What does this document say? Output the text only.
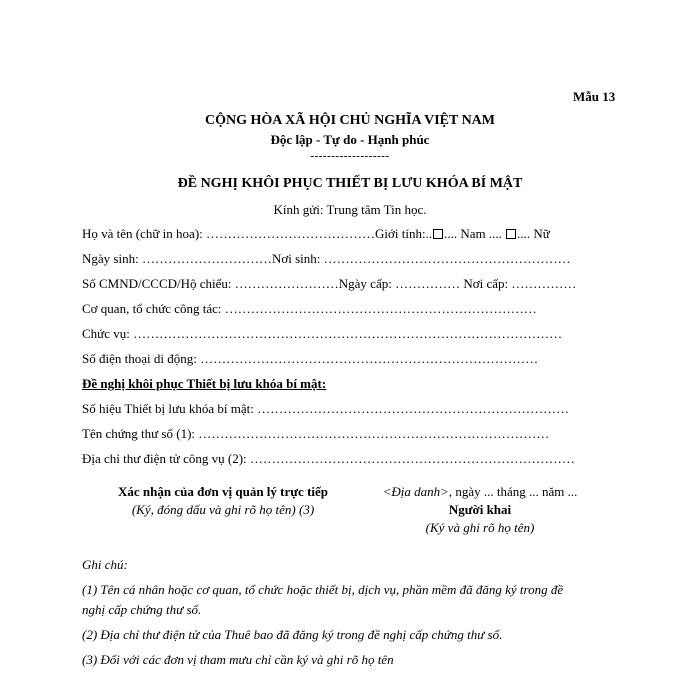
Mẫu 13
CỘNG HÒA XÃ HỘI CHỦ NGHĨA VIỆT NAM
Độc lập - Tự do - Hạnh phúc
-------------------
ĐỀ NGHỊ KHÔI PHỤC THIẾT BỊ LƯU KHÓA BÍ MẬT
Kính gửi: Trung tâm Tin học.
Họ và tên (chữ in hoa): …………………………………Giới tính:.. .... Nam .... .... Nữ
Ngày sinh: …………………………Nơi sinh: …………………………………………………
Số CMND/CCCD/Hộ chiếu: ……………………Ngày cấp: …………… Nơi cấp: ……………
Cơ quan, tổ chức công tác: ………………………………………………………………
Chức vụ: ………………………………………………………………………………………
Số điện thoại di động: ……………………………………………………………………
Đề nghị khôi phục Thiết bị lưu khóa bí mật:
Số hiệu Thiết bị lưu khóa bí mật: ………………………………………………………………
Tên chứng thư số (1): ………………………………………………………………………
Địa chỉ thư điện tử công vụ (2): …………………………………………………………………
Xác nhận của đơn vị quản lý trực tiếp
(Ký, đóng dấu và ghi rõ họ tên) (3)
<Địa danh>, ngày ... tháng ... năm ...
Người khai
(Ký và ghi rõ họ tên)
Ghi chú:
(1) Tên cá nhân hoặc cơ quan, tổ chức hoặc thiết bị, dịch vụ, phần mềm đã đăng ký trong đề
nghị cấp chứng thư số.
(2) Địa chỉ thư điện tử của Thuê bao đã đăng ký trong đề nghị cấp chứng thư số.
(3) Đối với các đơn vị tham mưu chỉ cần ký và ghi rõ họ tên
